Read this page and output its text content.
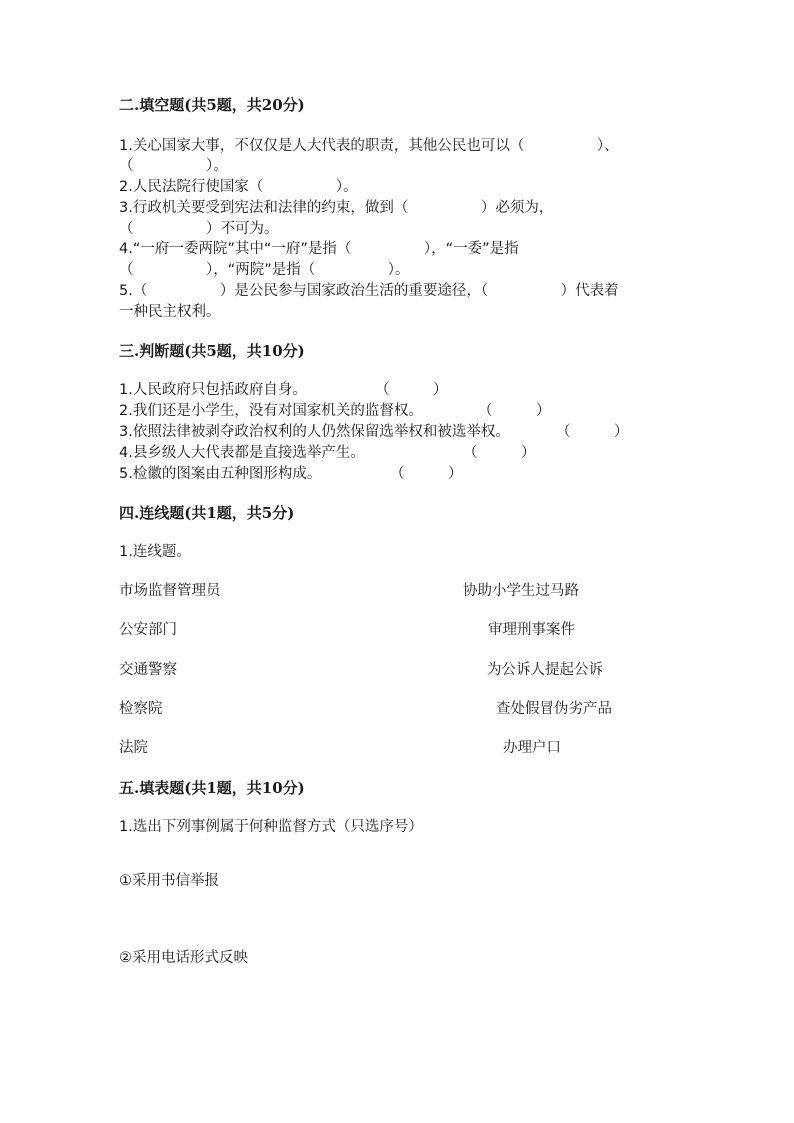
二.填空题(共5题，共20分)
1.关心国家大事，不仅仅是人大代表的职责，其他公民也可以（　　　　　）、
（　　　　　）。
2.人民法院行使国家（　　　　　）。
3.行政机关要受到宪法和法律的约束，做到（　　　　　）必须为，
（　　　　　）不可为。
4.“一府一委两院”其中“一府”是指（　　　　　），“一委”是指
（　　　　　），“两院”是指（　　　　　）。
5.（　　　　　）是公民参与国家政治生活的重要途径，（　　　　　）代表着
一种民主权利。
三.判断题(共5题，共10分)
1.人民政府只包括政府自身。	（　　　）
2.我们还是小学生，没有对国家机关的监督权。	（　　　）
3.依照法律被剥夺政治权利的人仍然保留选举权和被选举权。	（　　　）
4.县乡级人大代表都是直接选举产生。	（　　　）
5.检徽的图案由五种图形构成。	（　　　）
四.连线题(共1题，共5分)
1.连线题。
市场监督管理员	协助小学生过马路
公安部门	审理刑事案件
交通警察	为公诉人提起公诉
检察院	查处假冒伪劣产品
法院	办理户口
五.填表题(共1题，共10分)
1.选出下列事例属于何种监督方式（只选序号）
①采用书信举报
②采用电话形式反映
